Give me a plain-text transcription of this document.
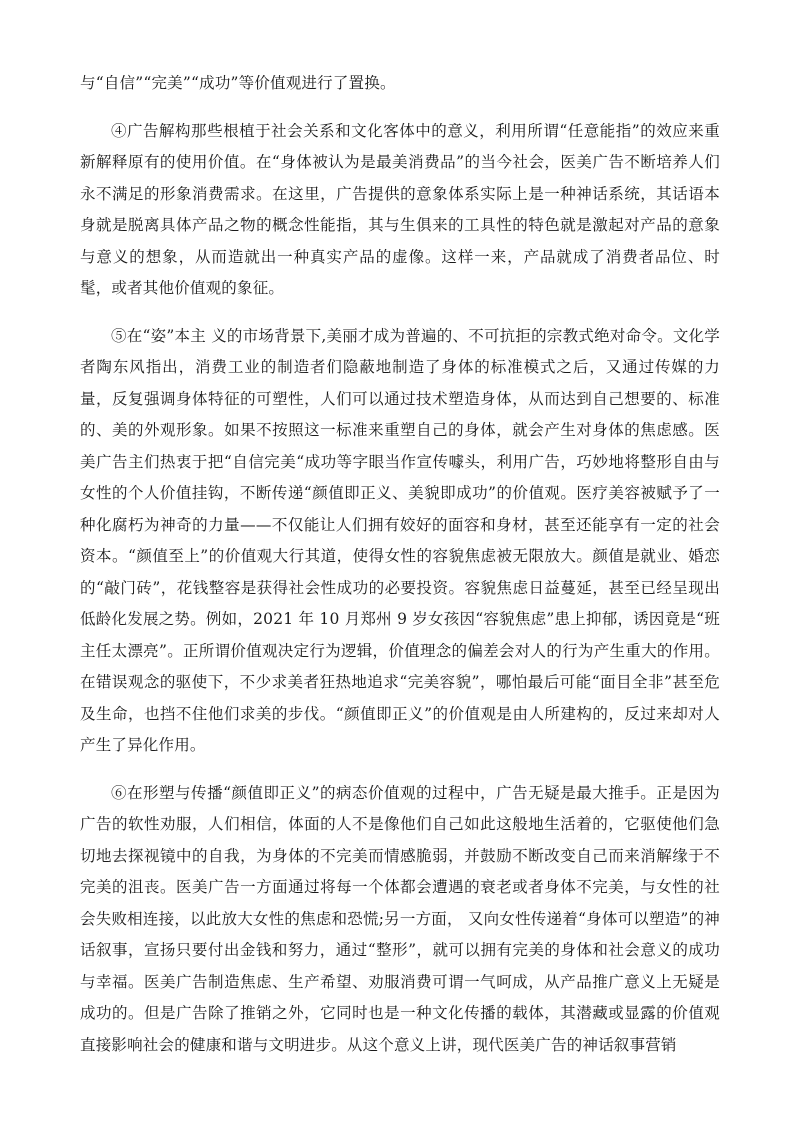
与“自信”“完美”“成功”等价值观进行了置换。

④广告解构那些根植于社会关系和文化客体中的意义，利用所谓“任意能指”的效应来重新解释原有的使用价值。在“身体被认为是最美消费品”的当今社会，医美广告不断培养人们永不满足的形象消费需求。在这里，广告提供的意象体系实际上是一种神话系统，其话语本身就是脱离具体产品之物的概念性能指，其与生俱来的工具性的特色就是激起对产品的意象与意义的想象，从而造就出一种真实产品的虚像。这样一来，产品就成了消费者品位、时髦，或者其他价值观的象征。

⑤在“姿”本主 义的市场背景下,美丽才成为普遍的、不可抗拒的宗教式绝对命令。文化学者陶东风指出，消费工业的制造者们隐蔽地制造了身体的标准模式之后，又通过传媒的力量，反复强调身体特征的可塑性，人们可以通过技术塑造身体，从而达到自己想要的、标准的、美的外观形象。如果不按照这一标准来重塑自己的身体，就会产生对身体的焦虑感。医美广告主们热衷于把“自信完美“成功等字眼当作宣传噱头，利用广告，巧妙地将整形自由与女性的个人价值挂钩，不断传递“颜值即正义、美貌即成功”的价值观。医疗美容被赋予了一种化腐朽为神奇的力量——不仅能让人们拥有姣好的面容和身材，甚至还能享有一定的社会资本。“颜值至上”的价值观大行其道，使得女性的容貌焦虑被无限放大。颜值是就业、婚恋的“敲门砖”，花钱整容是获得社会性成功的必要投资。容貌焦虑日益蔓延，甚至已经呈现出低龄化发展之势。例如，2021 年 10 月郑州 9 岁女孩因“容貌焦虑”患上抑郁，诱因竟是“班主任太漂亮”。正所谓价值观决定行为逻辑，价值理念的偏差会对人的行为产生重大的作用。在错误观念的驱使下，不少求美者狂热地追求“完美容貌”，哪怕最后可能“面目全非”甚至危及生命，也挡不住他们求美的步伐。“颜值即正义”的价值观是由人所建构的，反过来却对人产生了异化作用。

⑥在形塑与传播“颜值即正义”的病态价值观的过程中，广告无疑是最大推手。正是因为广告的软性劝服，人们相信，体面的人不是像他们自己如此这般地生活着的，它驱使他们急切地去探视镜中的自我，为身体的不完美而情感脆弱，并鼓励不断改变自己而来消解缘于不完美的沮丧。医美广告一方面通过将每一个体都会遭遇的衰老或者身体不完美，与女性的社会失败相连接，以此放大女性的焦虑和恐慌;另一方面， 又向女性传递着“身体可以塑造”的神话叙事，宣扬只要付出金钱和努力，通过“整形”，就可以拥有完美的身体和社会意义的成功与幸福。医美广告制造焦虑、生产希望、劝服消费可谓一气呵成，从产品推广意义上无疑是成功的。但是广告除了推销之外，它同时也是一种文化传播的载体，其潜藏或显露的价值观直接影响社会的健康和谐与文明进步。从这个意义上讲，现代医美广告的神话叙事营销
